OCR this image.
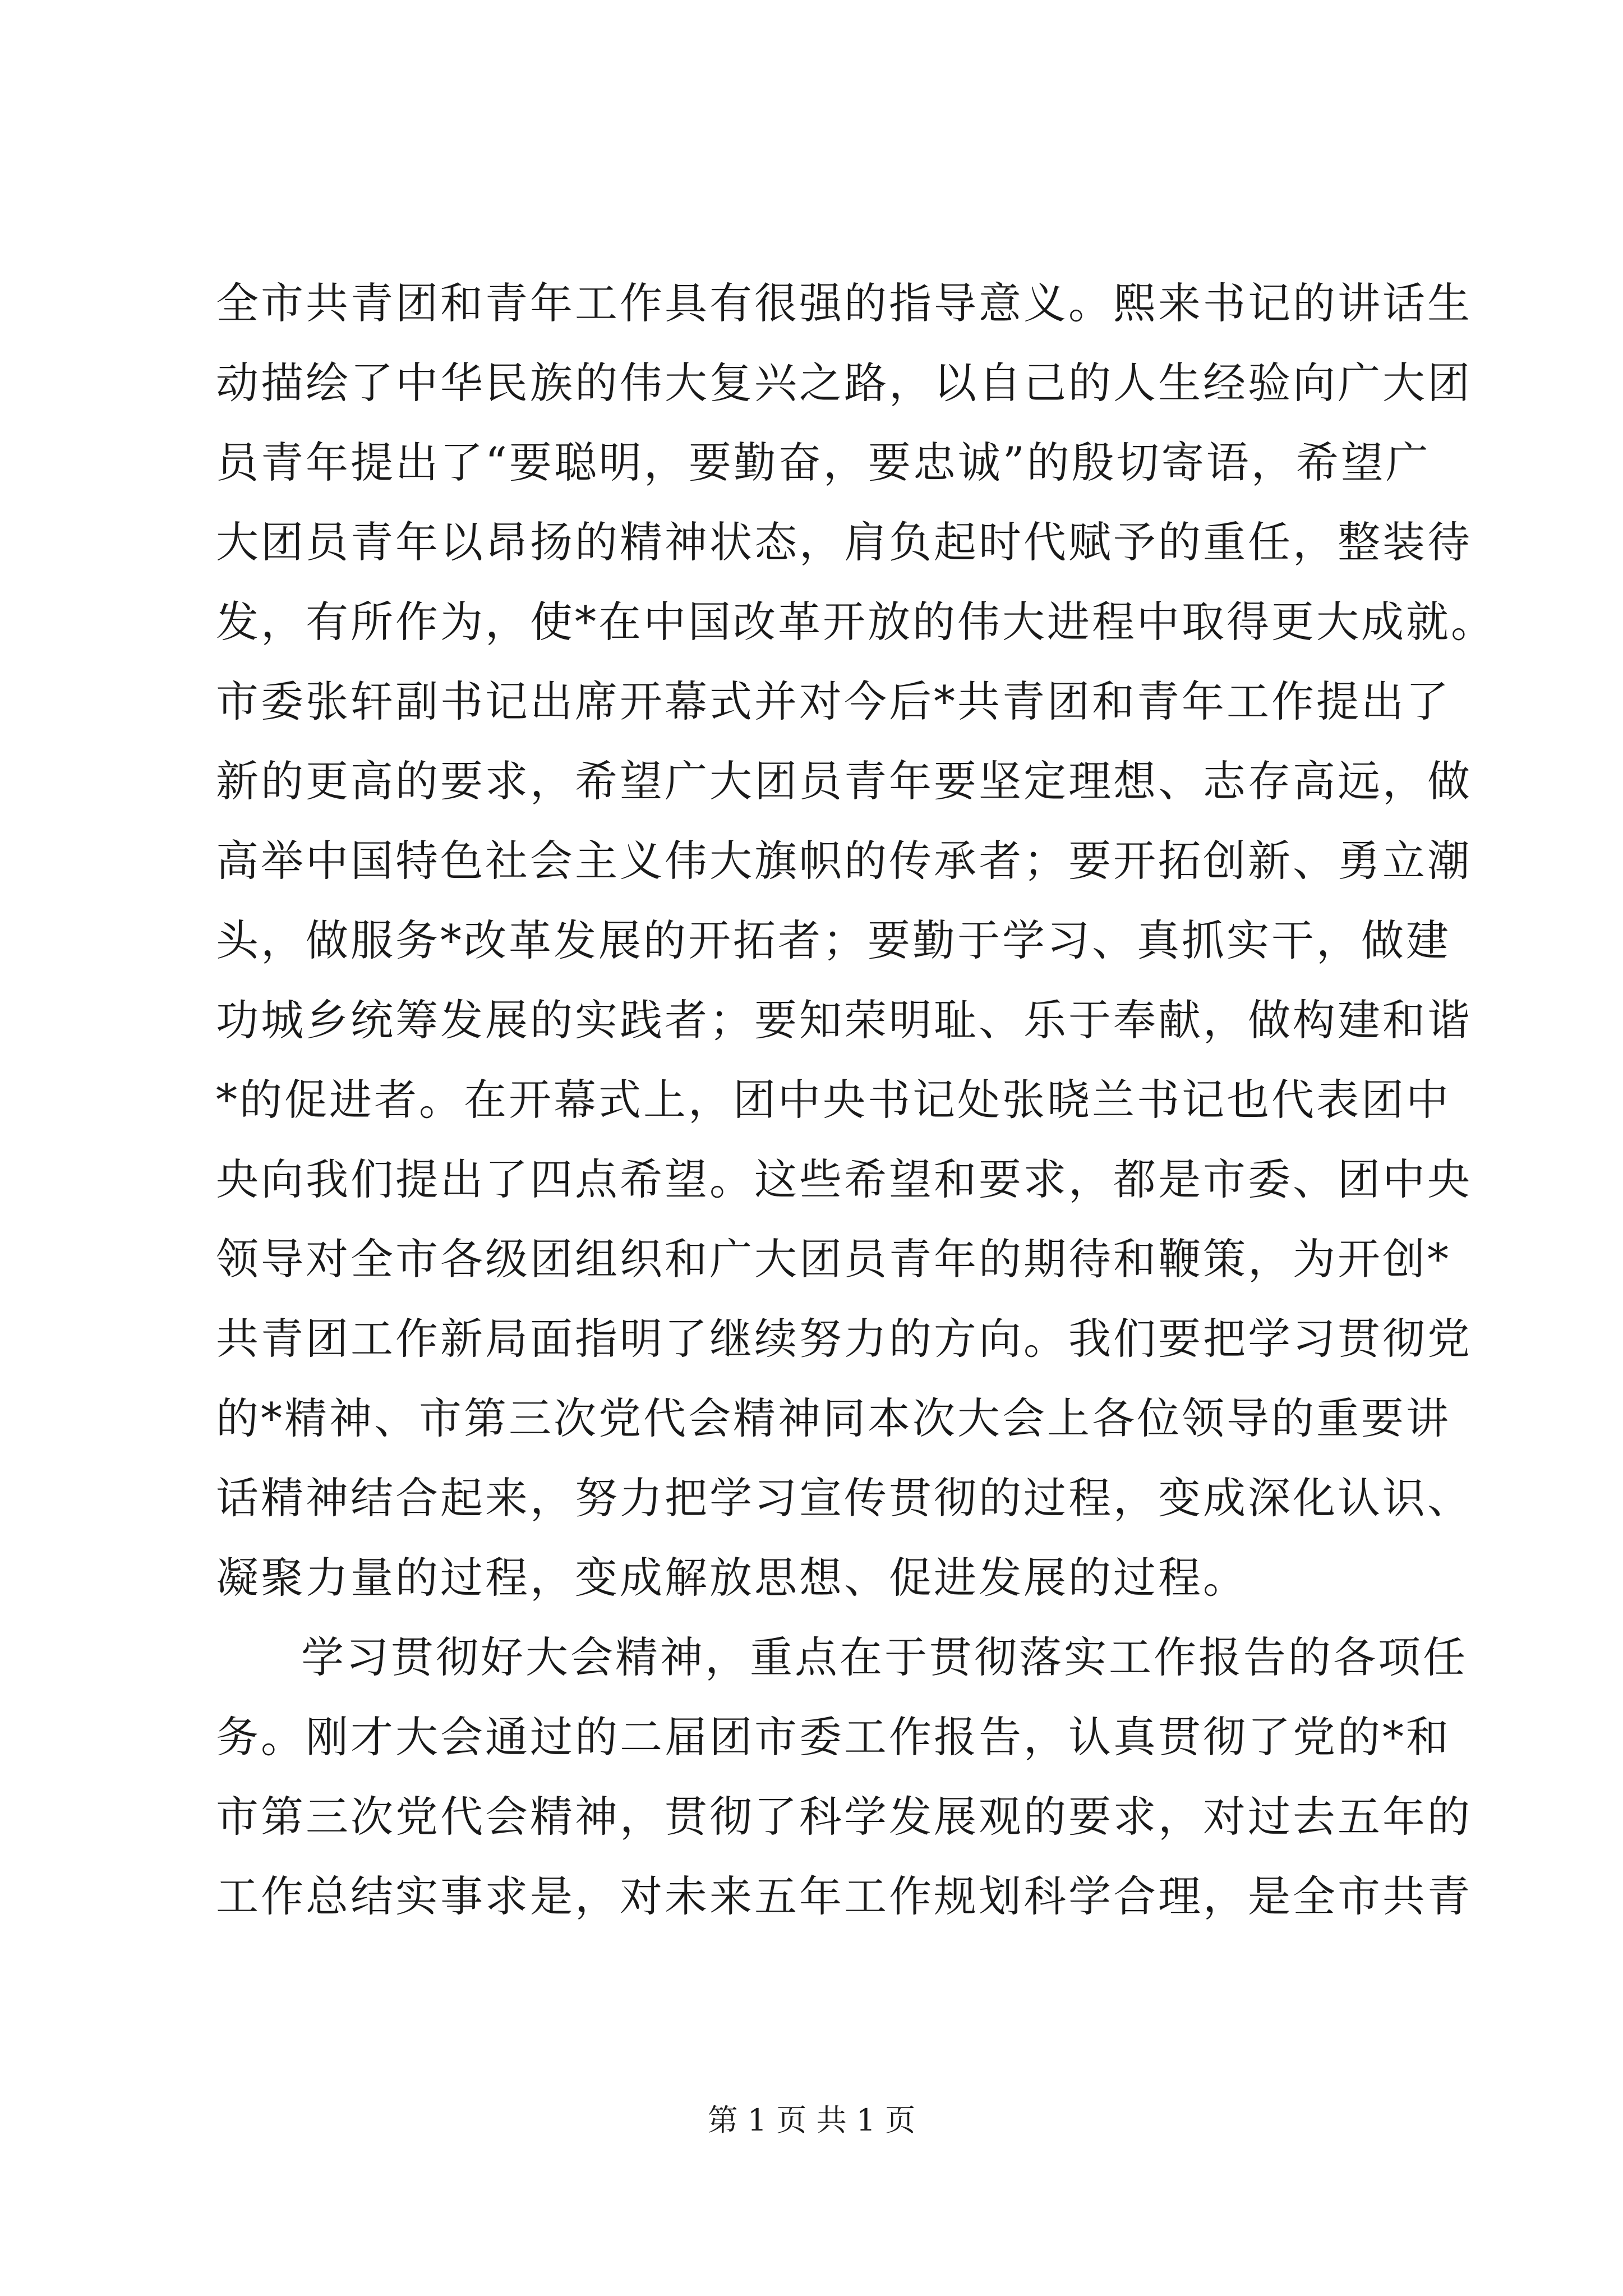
全市共青团和青年工作具有很强的指导意义。熙来书记的讲话生
动描绘了中华民族的伟大复兴之路，以自己的人生经验向广大团
员青年提出了“要聪明，要勤奋，要忠诚”的殷切寄语，希望广
大团员青年以昂扬的精神状态，肩负起时代赋予的重任，整装待
发，有所作为，使*在中国改革开放的伟大进程中取得更大成就。
市委张轩副书记出席开幕式并对今后*共青团和青年工作提出了
新的更高的要求，希望广大团员青年要坚定理想、志存高远，做
高举中国特色社会主义伟大旗帜的传承者；要开拓创新、勇立潮
头，做服务*改革发展的开拓者；要勤于学习、真抓实干，做建
功城乡统筹发展的实践者；要知荣明耻、乐于奉献，做构建和谐
*的促进者。在开幕式上，团中央书记处张晓兰书记也代表团中
央向我们提出了四点希望。这些希望和要求，都是市委、团中央
领导对全市各级团组织和广大团员青年的期待和鞭策，为开创*
共青团工作新局面指明了继续努力的方向。我们要把学习贯彻党
的*精神、市第三次党代会精神同本次大会上各位领导的重要讲
话精神结合起来，努力把学习宣传贯彻的过程，变成深化认识、
凝聚力量的过程，变成解放思想、促进发展的过程。
学习贯彻好大会精神，重点在于贯彻落实工作报告的各项任
务。刚才大会通过的二届团市委工作报告，认真贯彻了党的*和
市第三次党代会精神，贯彻了科学发展观的要求，对过去五年的
工作总结实事求是，对未来五年工作规划科学合理，是全市共青
第 1 页 共 1 页
